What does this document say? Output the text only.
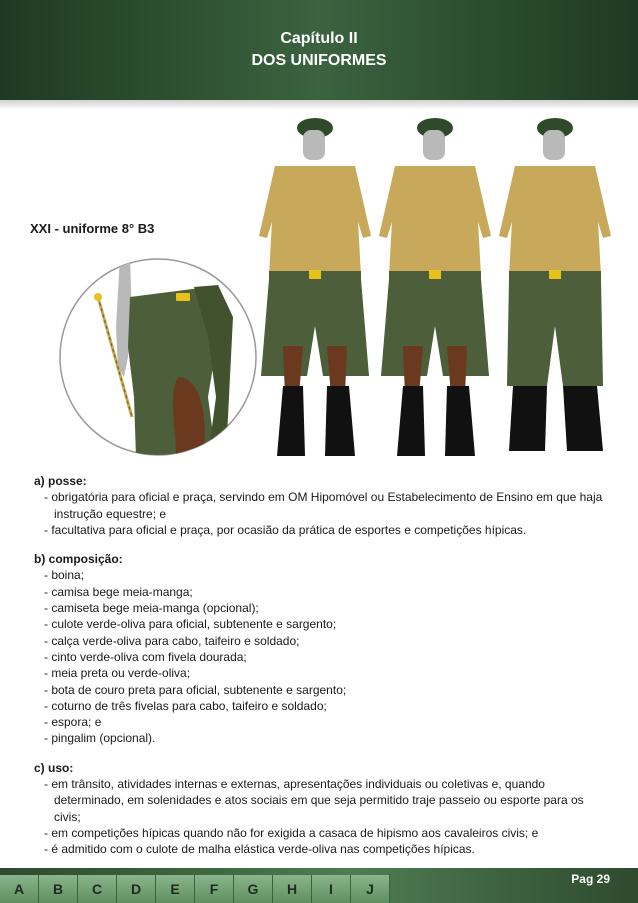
Capítulo II
DOS UNIFORMES
XXI - uniforme 8° B3
a) posse:
- obrigatória para oficial e praça, servindo em OM Hipomóvel ou Estabelecimento de Ensino em que haja instrução equestre; e
- facultativa para oficial e praça, por ocasião da prática de esportes e competições hípicas.
b) composição:
- boina;
- camisa bege meia-manga;
- camiseta bege meia-manga (opcional);
- culote verde-oliva para oficial, subtenente e sargento;
- calça verde-oliva para cabo, taifeiro e soldado;
- cinto verde-oliva com fivela dourada;
- meia preta ou verde-oliva;
- bota de couro preta para oficial, subtenente e sargento;
- coturno de três fivelas para cabo, taifeiro e soldado;
- espora; e
- pingalim (opcional).
c) uso:
- em trânsito, atividades internas e externas, apresentações individuais ou coletivas e, quando determinado, em solenidades e atos sociais em que seja permitido traje passeio ou esporte para os civis;
- em competições hípicas quando não for exigida a casaca de hipismo aos cavaleiros civis; e
- é admitido com o culote de malha elástica verde-oliva nas competições hípicas.
A	B	C	D	E	F	G	H	I	J
Pag 29
